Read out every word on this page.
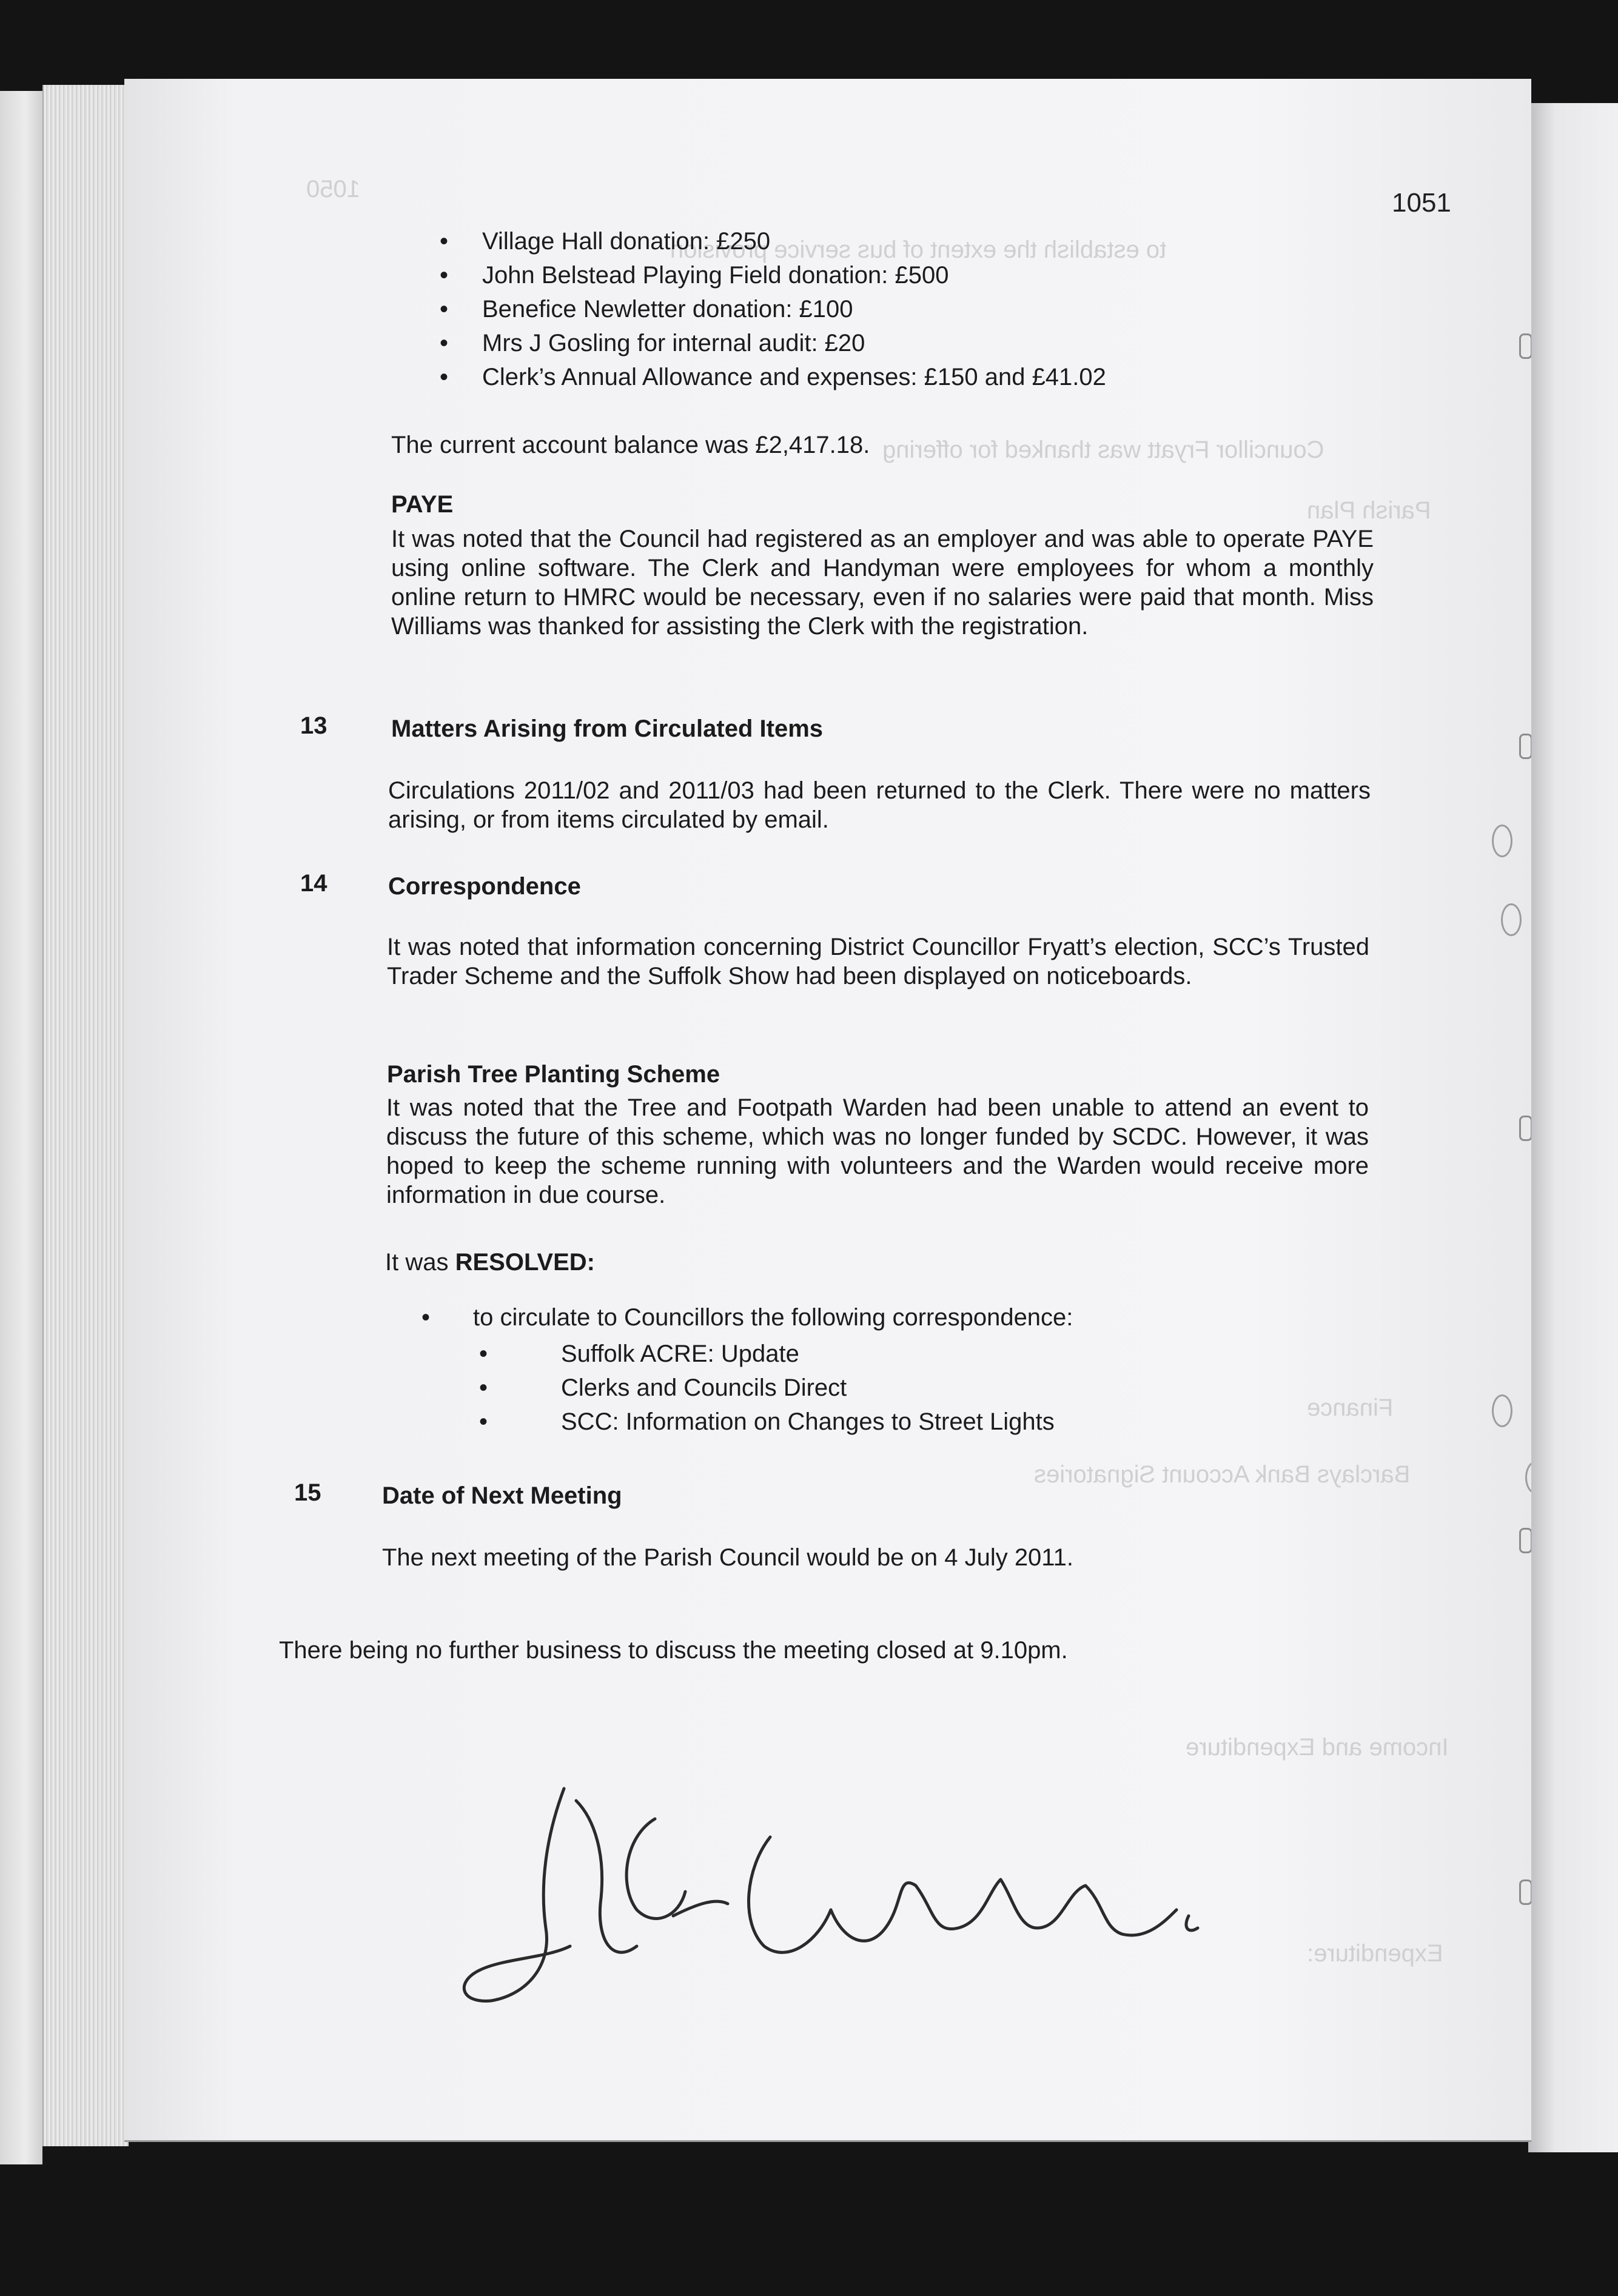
1050
to establish the extent of bus service provision
Councillor Fryatt was thanked for offering
Parish Plan
Finance
Barclays Bank Account Signatories
Income and Expenditure
Expenditure:
1051
• Village Hall donation: £250
• John Belstead Playing Field donation: £500
• Benefice Newletter donation: £100
• Mrs J Gosling for internal audit: £20
• Clerk’s Annual Allowance and expenses: £150 and £41.02
The current account balance was £2,417.18.
PAYE
It was noted that the Council had registered as an employer and was able to operate PAYE using online software. The Clerk and Handyman were employees for whom a monthly online return to HMRC would be necessary, even if no salaries were paid that month. Miss Williams was thanked for assisting the Clerk with the registration.
13	Matters Arising from Circulated Items
Circulations 2011/02 and 2011/03 had been returned to the Clerk. There were no matters arising, or from items circulated by email.
14	Correspondence
It was noted that information concerning District Councillor Fryatt’s election, SCC’s Trusted Trader Scheme and the Suffolk Show had been displayed on noticeboards.
Parish Tree Planting Scheme
It was noted that the Tree and Footpath Warden had been unable to attend an event to discuss the future of this scheme, which was no longer funded by SCDC. However, it was hoped to keep the scheme running with volunteers and the Warden would receive more information in due course.
It was RESOLVED:
• to circulate to Councillors the following correspondence:
• Suffolk ACRE: Update
• Clerks and Councils Direct
• SCC: Information on Changes to Street Lights
15	Date of Next Meeting
The next meeting of the Parish Council would be on 4 July 2011.
There being no further business to discuss the meeting closed at 9.10pm.
